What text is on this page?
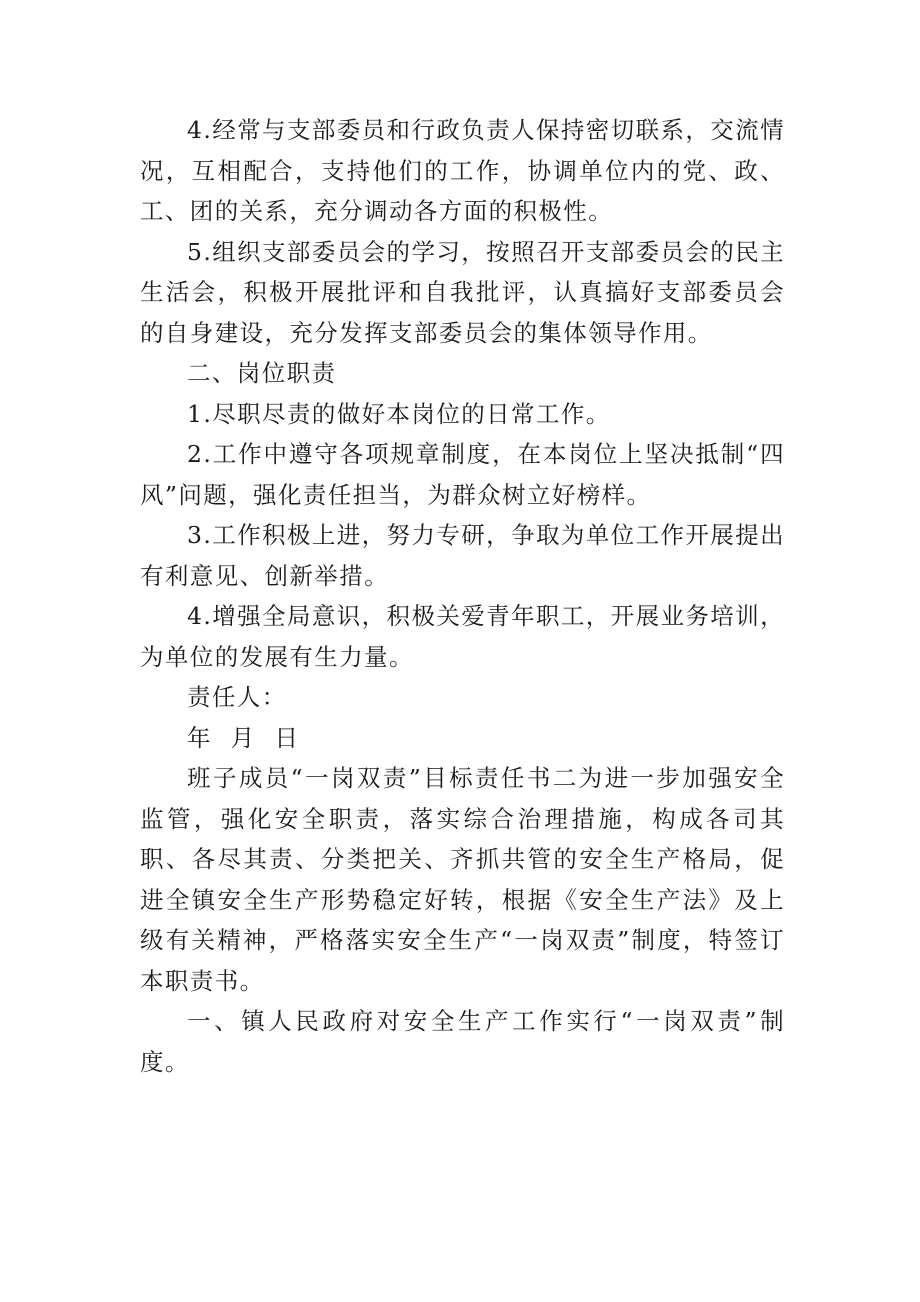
4.经常与支部委员和行政负责人保持密切联系，交流情况，互相配合，支持他们的工作，协调单位内的党、政、工、团的关系，充分调动各方面的积极性。

5.组织支部委员会的学习，按照召开支部委员会的民主生活会，积极开展批评和自我批评，认真搞好支部委员会的自身建设，充分发挥支部委员会的集体领导作用。

二、岗位职责

1.尽职尽责的做好本岗位的日常工作。

2.工作中遵守各项规章制度，在本岗位上坚决抵制“四风”问题，强化责任担当，为群众树立好榜样。

3.工作积极上进，努力专研，争取为单位工作开展提出有利意见、创新举措。

4.增强全局意识，积极关爱青年职工，开展业务培训，为单位的发展有生力量。

责任人：

年 月 日

班子成员“一岗双责”目标责任书二为进一步加强安全监管，强化安全职责，落实综合治理措施，构成各司其职、各尽其责、分类把关、齐抓共管的安全生产格局，促进全镇安全生产形势稳定好转，根据《安全生产法》及上级有关精神，严格落实安全生产“一岗双责”制度，特签订本职责书。

一、镇人民政府对安全生产工作实行“一岗双责”制度。
